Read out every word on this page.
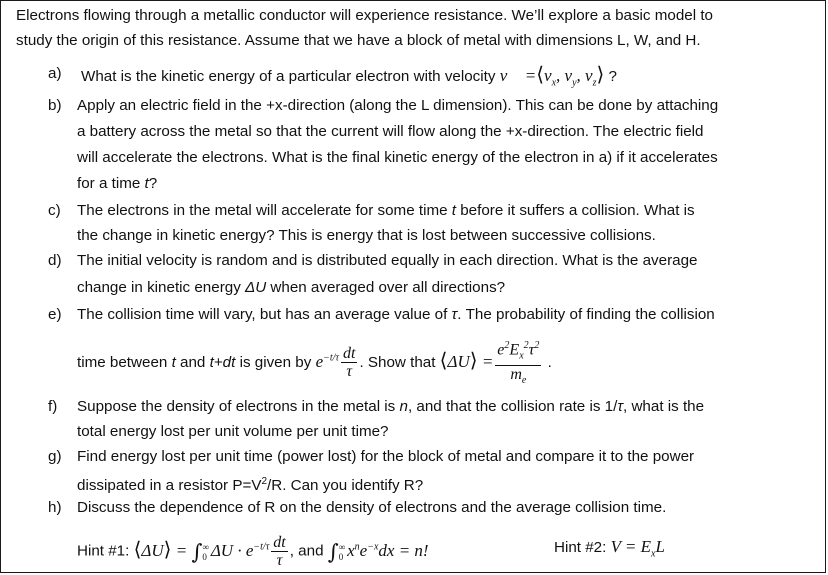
Electrons flowing through a metallic conductor will experience resistance. We’ll explore a basic model to
study the origin of this resistance. Assume that we have a block of metal with dimensions L, W, and H.
a) What is the kinetic energy of a particular electron with velocity v⃗ $=⟨v_x$, $v_y$, $v_z⟩$ ?
b) Apply an electric field in the +x-direction (along the L dimension). This can be done by attaching
a battery across the metal so that the current will flow along the +x-direction. The electric field
will accelerate the electrons. What is the final kinetic energy of the electron in a) if it accelerates
for a time t?
c) The electrons in the metal will accelerate for some time t before it suffers a collision. What is
the change in kinetic energy? This is energy that is lost between successive collisions.
d) The initial velocity is random and is distributed equally in each direction. What is the average
change in kinetic energy ΔU when averaged over all directions?
e) The collision time will vary, but has an average value of τ. The probability of finding the collision
time between t and t+dt is given by $e^{-t/\tau} \frac{dt}{\tau}$ . Show that ⟨ΔU⟩ = $\frac{e^2E_x^2\tau^2}{m_e}$ .
f) Suppose the density of electrons in the metal is n, and that the collision rate is 1/τ, what is the
total energy lost per unit volume per unit time?
g) Find energy lost per unit time (power lost) for the block of metal and compare it to the power
dissipated in a resistor $P=V^2/R$. Can you identify R?
h) Discuss the dependence of R on the density of electrons and the average collision time.
Hint #1: ⟨ΔU⟩ = ∫ ∞
0 $\Delta U \cdot e^{-t/\tau} \frac{dt}{\tau}$ , and ∫ ∞
0 $x^ne^{-x}dx = n$!	Hint #2: $V = E_xL$
